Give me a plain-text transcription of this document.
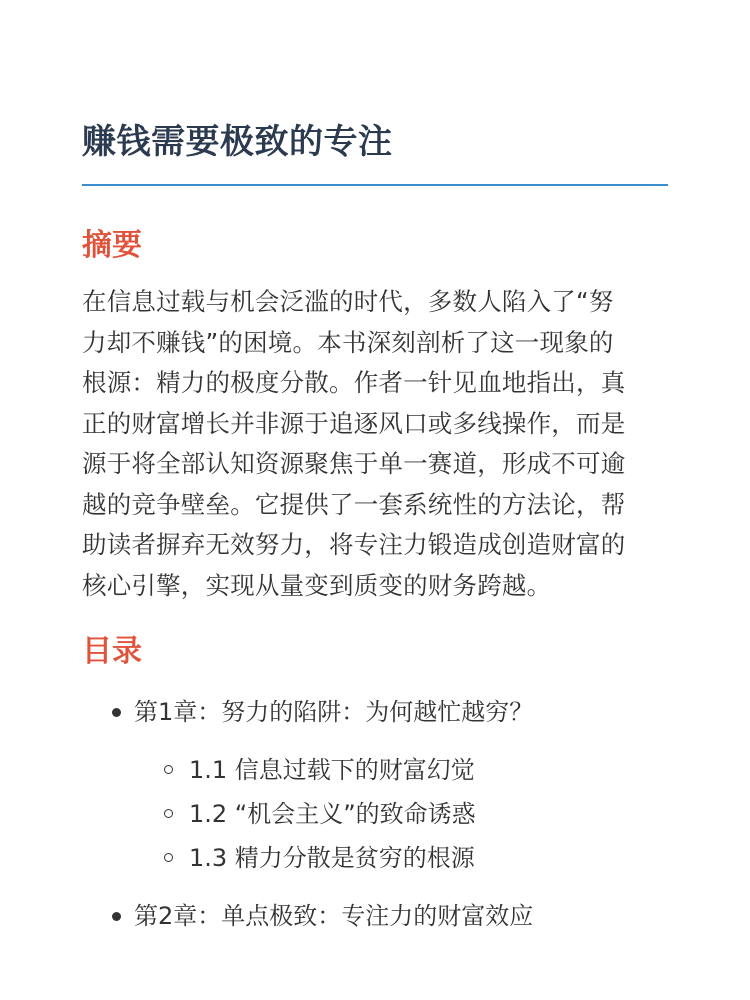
赚钱需要极致的专注
摘要

在信息过载与机会泛滥的时代，多数人陷入了“努
力却不赚钱”的困境。本书深刻剖析了这一现象的
根源：精力的极度分散。作者一针见血地指出，真
正的财富增长并非源于追逐风口或多线操作，而是
源于将全部认知资源聚焦于单一赛道，形成不可逾
越的竞争壁垒。它提供了一套系统性的方法论，帮
助读者摒弃无效努力，将专注力锻造成创造财富的
核心引擎，实现从量变到质变的财务跨越。

目录
第1章：努力的陷阱：为何越忙越穷？
1.1 信息过载下的财富幻觉
1.2 “机会主义”的致命诱惑
1.3 精力分散是贫穷的根源
第2章：单点极致：专注力的财富效应
